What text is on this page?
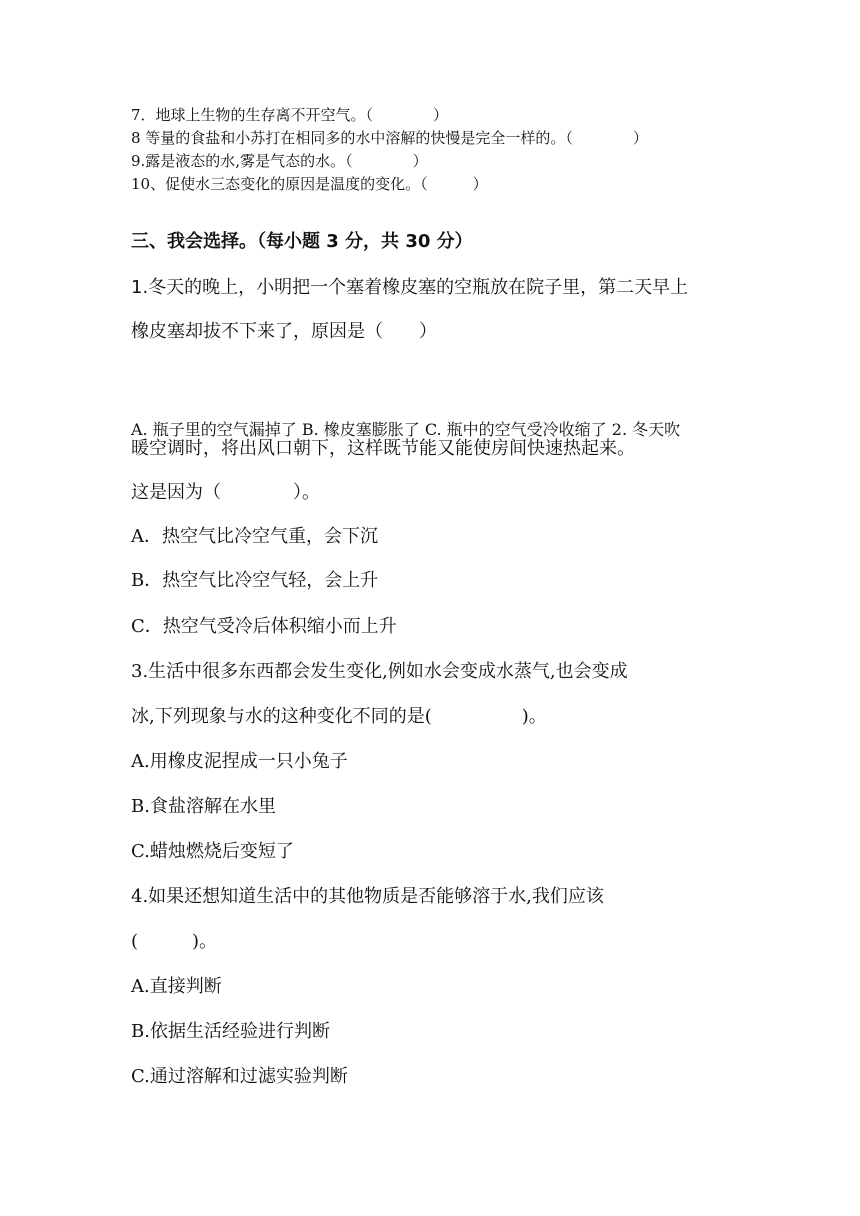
7．地球上生物的生存离不开空气。（　　　　）
8 等量的食盐和小苏打在相同多的水中溶解的快慢是完全一样的。（　　　　）
9.露是液态的水,雾是气态的水。（　　　　）
10、促使水三态变化的原因是温度的变化。（　　　）
三、我会选择。（每小题 3 分，共 30 分）
1.冬天的晚上，小明把一个塞着橡皮塞的空瓶放在院子里，第二天早上
橡皮塞却拔不下来了，原因是（　　）
A. 瓶子里的空气漏掉了 B. 橡皮塞膨胀了 C. 瓶中的空气受冷收缩了 2. 冬天吹
暖空调时，将出风口朝下，这样既节能又能使房间快速热起来。
这是因为（　　　　）。
A．热空气比冷空气重，会下沉
B．热空气比冷空气轻，会上升
C．热空气受冷后体积缩小而上升
3.生活中很多东西都会发生变化,例如水会变成水蒸气,也会变成
冰,下列现象与水的这种变化不同的是(　　　　　)。
A.用橡皮泥捏成一只小兔子
B.食盐溶解在水里
C.蜡烛燃烧后变短了
4.如果还想知道生活中的其他物质是否能够溶于水,我们应该
(　　　)。
A.直接判断
B.依据生活经验进行判断
C.通过溶解和过滤实验判断
